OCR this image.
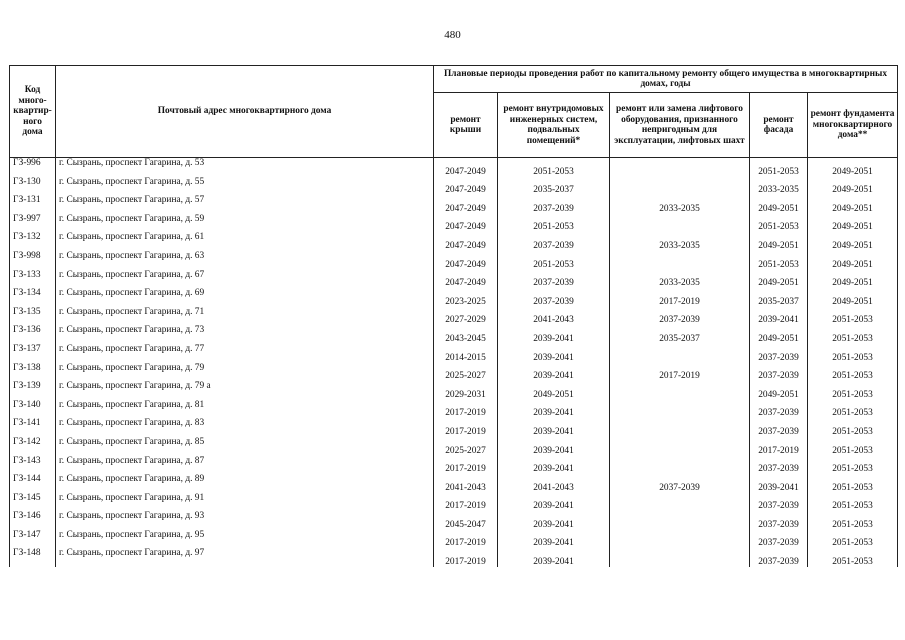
480
Код много-квартир-ного дома	Почтовый адрес многоквартирного дома	Плановые периоды проведения работ по капитальному ремонту общего имущества в многоквартирных домах, годы				
		ремонт крыши	ремонт внутридомовых инженерных систем, подвальных помещений*	ремонт или замена лифтового оборудования, признанного непригодным для эксплуатации, лифтовых шахт	ремонт фасада	ремонт фундамента многоквартирного дома**
ГЗ-996	г. Сызрань, проспект Гагарина, д. 53	2047-2049	2051-2053		2051-2053	2049-2051
ГЗ-130	г. Сызрань, проспект Гагарина, д. 55	2047-2049	2035-2037		2033-2035	2049-2051
ГЗ-131	г. Сызрань, проспект Гагарина, д. 57	2047-2049	2037-2039	2033-2035	2049-2051	2049-2051
ГЗ-997	г. Сызрань, проспект Гагарина, д. 59	2047-2049	2051-2053		2051-2053	2049-2051
ГЗ-132	г. Сызрань, проспект Гагарина, д. 61	2047-2049	2037-2039	2033-2035	2049-2051	2049-2051
ГЗ-998	г. Сызрань, проспект Гагарина, д. 63	2047-2049	2051-2053		2051-2053	2049-2051
ГЗ-133	г. Сызрань, проспект Гагарина, д. 67	2047-2049	2037-2039	2033-2035	2049-2051	2049-2051
ГЗ-134	г. Сызрань, проспект Гагарина, д. 69	2023-2025	2037-2039	2017-2019	2035-2037	2049-2051
ГЗ-135	г. Сызрань, проспект Гагарина, д. 71	2027-2029	2041-2043	2037-2039	2039-2041	2051-2053
ГЗ-136	г. Сызрань, проспект Гагарина, д. 73	2043-2045	2039-2041	2035-2037	2049-2051	2051-2053
ГЗ-137	г. Сызрань, проспект Гагарина, д. 77	2014-2015	2039-2041		2037-2039	2051-2053
ГЗ-138	г. Сызрань, проспект Гагарина, д. 79	2025-2027	2039-2041	2017-2019	2037-2039	2051-2053
ГЗ-139	г. Сызрань, проспект Гагарина, д. 79 а	2029-2031	2049-2051		2049-2051	2051-2053
ГЗ-140	г. Сызрань, проспект Гагарина, д. 81	2017-2019	2039-2041		2037-2039	2051-2053
ГЗ-141	г. Сызрань, проспект Гагарина, д. 83	2017-2019	2039-2041		2037-2039	2051-2053
ГЗ-142	г. Сызрань, проспект Гагарина, д. 85	2025-2027	2039-2041		2017-2019	2051-2053
ГЗ-143	г. Сызрань, проспект Гагарина, д. 87	2017-2019	2039-2041		2037-2039	2051-2053
ГЗ-144	г. Сызрань, проспект Гагарина, д. 89	2041-2043	2041-2043	2037-2039	2039-2041	2051-2053
ГЗ-145	г. Сызрань, проспект Гагарина, д. 91	2017-2019	2039-2041		2037-2039	2051-2053
ГЗ-146	г. Сызрань, проспект Гагарина, д. 93	2045-2047	2039-2041		2037-2039	2051-2053
ГЗ-147	г. Сызрань, проспект Гагарина, д. 95	2017-2019	2039-2041		2037-2039	2051-2053
ГЗ-148	г. Сызрань, проспект Гагарина, д. 97	2017-2019	2039-2041		2037-2039	2051-2053
